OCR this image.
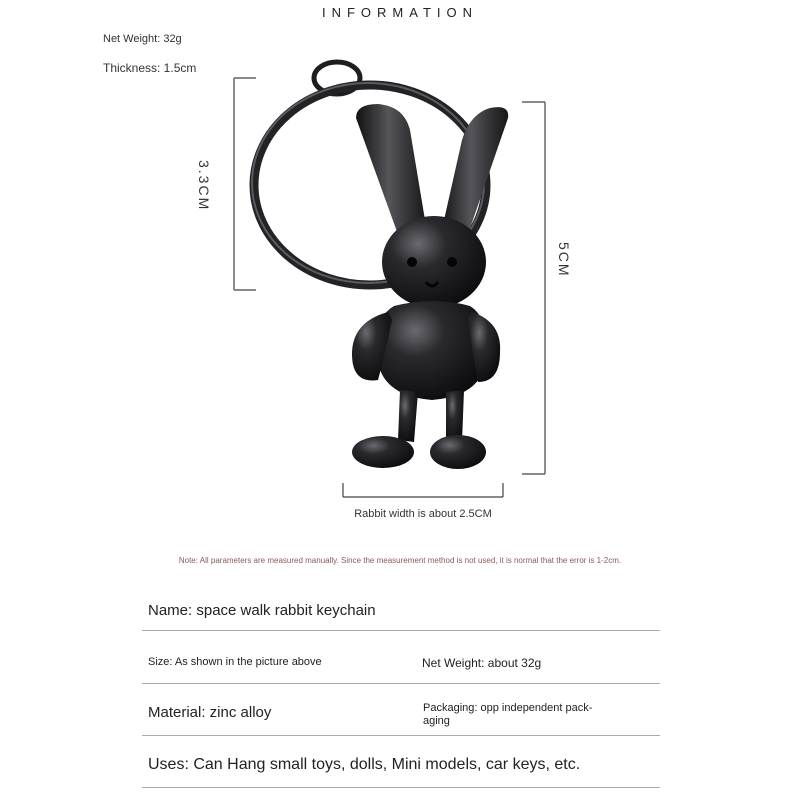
INFORMATION
Net Weight: 32g
Thickness: 1.5cm
3.3CM
5CM
Rabbit width is about 2.5CM
Note: All parameters are measured manually. Since the measurement method is not used, it is normal that the error is 1-2cm.
Name: space walk rabbit keychain
Size: As shown in the picture above	Net Weight: about 32g
Material: zinc alloy	Packaging: opp independent pack-aging
Uses: Can Hang small toys, dolls, Mini models, car keys, etc.
